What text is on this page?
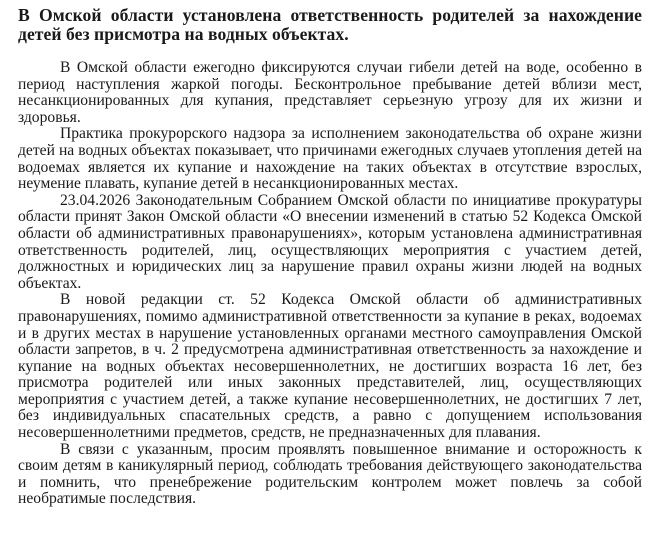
В Омской области установлена ответственность родителей за нахождение детей без присмотра на водных объектах.

В Омской области ежегодно фиксируются случаи гибели детей на воде, особенно в период наступления жаркой погоды. Бесконтрольное пребывание детей вблизи мест, несанкционированных для купания, представляет серьезную угрозу для их жизни и здоровья.

Практика прокурорского надзора за исполнением законодательства об охране жизни детей на водных объектах показывает, что причинами ежегодных случаев утопления детей на водоемах является их купание и нахождение на таких объектах в отсутствие взрослых, неумение плавать, купание детей в несанкционированных местах.

23.04.2026 Законодательным Собранием Омской области по инициативе прокуратуры области принят Закон Омской области «О внесении изменений в статью 52 Кодекса Омской области об административных правонарушениях», которым установлена административная ответственность родителей, лиц, осуществляющих мероприятия с участием детей, должностных и юридических лиц за нарушение правил охраны жизни людей на водных объектах.

В новой редакции ст. 52 Кодекса Омской области об административных правонарушениях, помимо административной ответственности за купание в реках, водоемах и в других местах в нарушение установленных органами местного самоуправления Омской области запретов, в ч. 2 предусмотрена административная ответственность за нахождение и купание на водных объектах несовершеннолетних, не достигших возраста 16 лет, без присмотра родителей или иных законных представителей, лиц, осуществляющих мероприятия с участием детей, а также купание несовершеннолетних, не достигших 7 лет, без индивидуальных спасательных средств, а равно с допущением использования несовершеннолетними предметов, средств, не предназначенных для плавания.

В связи с указанным, просим проявлять повышенное внимание и осторожность к своим детям в каникулярный период, соблюдать требования действующего законодательства и помнить, что пренебрежение родительским контролем может повлечь за собой необратимые последствия.
